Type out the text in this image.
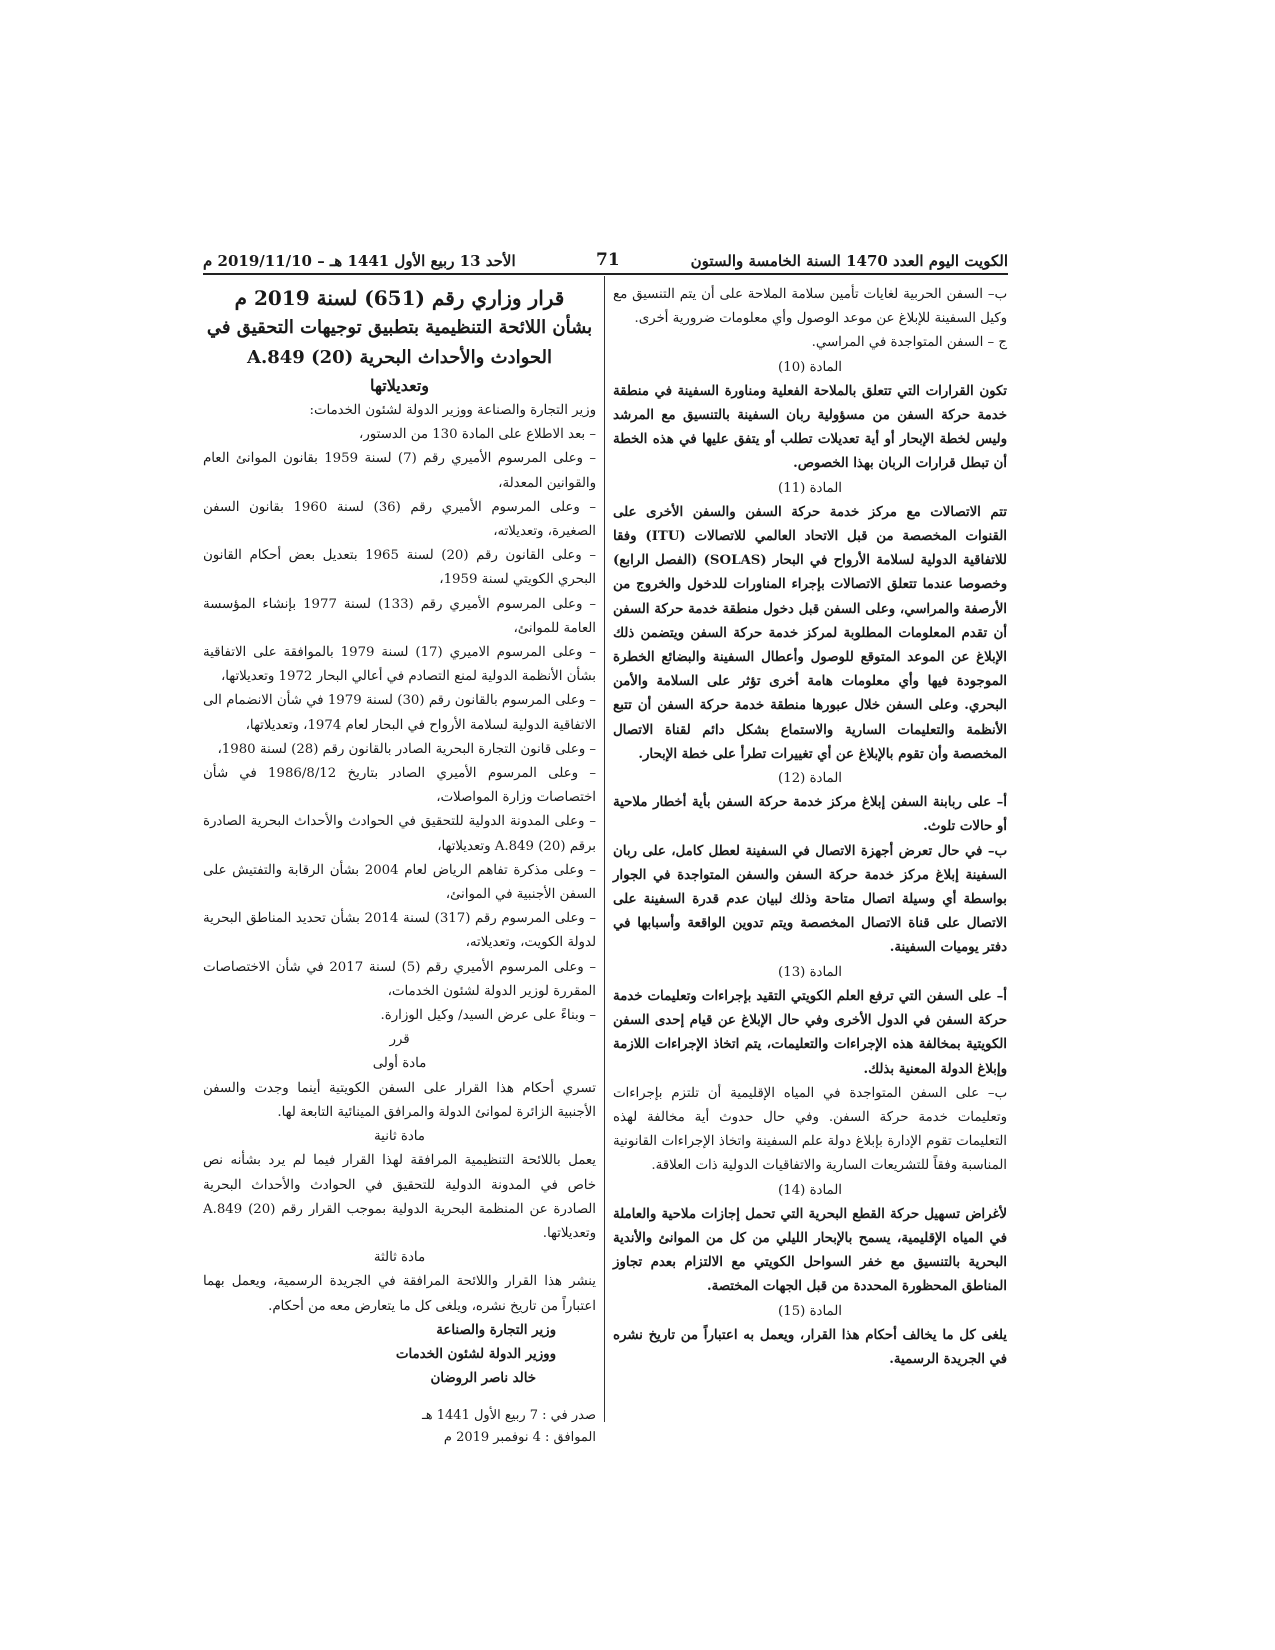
الكويت اليوم العدد 1470 السنة الخامسة والستون
71
الأحد 13 ربيع الأول 1441 هـ – 2019/11/10 م

ب– السفن الحربية لغايات تأمين سلامة الملاحة على أن يتم التنسيق مع وكيل السفينة للإبلاغ عن موعد الوصول وأي معلومات ضرورية أخرى.

ج – السفن المتواجدة في المراسي.

المادة (10)

تكون القرارات التي تتعلق بالملاحة الفعلية ومناورة السفينة في منطقة خدمة حركة السفن من مسؤولية ربان السفينة بالتنسيق مع المرشد وليس لخطة الإبحار أو أية تعديلات تطلب أو يتفق عليها في هذه الخطة أن تبطل قرارات الربان بهذا الخصوص.

المادة (11)

تتم الاتصالات مع مركز خدمة حركة السفن والسفن الأخرى على القنوات المخصصة من قبل الاتحاد العالمي للاتصالات (ITU) وفقا للاتفاقية الدولية لسلامة الأرواح في البحار (SOLAS) (الفصل الرابع) وخصوصا عندما تتعلق الاتصالات بإجراء المناورات للدخول والخروج من الأرصفة والمراسي، وعلى السفن قبل دخول منطقة خدمة حركة السفن أن تقدم المعلومات المطلوبة لمركز خدمة حركة السفن ويتضمن ذلك الإبلاغ عن الموعد المتوقع للوصول وأعطال السفينة والبضائع الخطرة الموجودة فيها وأي معلومات هامة أخرى تؤثر على السلامة والأمن البحري. وعلى السفن خلال عبورها منطقة خدمة حركة السفن أن تتبع الأنظمة والتعليمات السارية والاستماع بشكل دائم لقناة الاتصال المخصصة وأن تقوم بالإبلاغ عن أي تغييرات تطرأ على خطة الإبحار.

المادة (12)

أ– على ربابنة السفن إبلاغ مركز خدمة حركة السفن بأية أخطار ملاحية أو حالات تلوث.

ب– في حال تعرض أجهزة الاتصال في السفينة لعطل كامل، على ربان السفينة إبلاغ مركز خدمة حركة السفن والسفن المتواجدة في الجوار بواسطة أي وسيلة اتصال متاحة وذلك لبيان عدم قدرة السفينة على الاتصال على قناة الاتصال المخصصة ويتم تدوين الواقعة وأسبابها في دفتر يوميات السفينة.

المادة (13)

أ– على السفن التي ترفع العلم الكويتي التقيد بإجراءات وتعليمات خدمة حركة السفن في الدول الأخرى وفي حال الإبلاغ عن قيام إحدى السفن الكويتية بمخالفة هذه الإجراءات والتعليمات، يتم اتخاذ الإجراءات اللازمة وإبلاغ الدولة المعنية بذلك.

ب– على السفن المتواجدة في المياه الإقليمية أن تلتزم بإجراءات وتعليمات خدمة حركة السفن. وفي حال حدوث أية مخالفة لهذه التعليمات تقوم الإدارة بإبلاغ دولة علم السفينة واتخاذ الإجراءات القانونية المناسبة وفقاً للتشريعات السارية والاتفاقيات الدولية ذات العلاقة.

المادة (14)

لأغراض تسهيل حركة القطع البحرية التي تحمل إجازات ملاحية والعاملة في المياه الإقليمية، يسمح بالإبحار الليلي من كل من الموانئ والأندية البحرية بالتنسيق مع خفر السواحل الكويتي مع الالتزام بعدم تجاوز المناطق المحظورة المحددة من قبل الجهات المختصة.

المادة (15)

يلغى كل ما يخالف أحكام هذا القرار، ويعمل به اعتباراً من تاريخ نشره في الجريدة الرسمية.

قرار وزاري رقم (651) لسنة 2019 م

بشأن اللائحة التنظيمية بتطبيق توجيهات التحقيق في

الحوادث والأحداث البحرية (20) A.849

وتعديلاتها

وزير التجارة والصناعة ووزير الدولة لشئون الخدمات:

– بعد الاطلاع على المادة 130 من الدستور،

– وعلى المرسوم الأميري رقم (7) لسنة 1959 بقانون الموانئ العام والقوانين المعدلة،

– وعلى المرسوم الأميري رقم (36) لسنة 1960 بقانون السفن الصغيرة، وتعديلاته،

– وعلى القانون رقم (20) لسنة 1965 بتعديل بعض أحكام القانون البحري الكويتي لسنة 1959،

– وعلى المرسوم الأميري رقم (133) لسنة 1977 بإنشاء المؤسسة العامة للموانئ،

– وعلى المرسوم الاميري (17) لسنة 1979 بالموافقة على الاتفاقية بشأن الأنظمة الدولية لمنع التصادم في أعالي البحار 1972 وتعديلاتها،

– وعلى المرسوم بالقانون رقم (30) لسنة 1979 في شأن الانضمام الى الاتفاقية الدولية لسلامة الأرواح في البحار لعام 1974، وتعديلاتها،

– وعلى قانون التجارة البحرية الصادر بالقانون رقم (28) لسنة 1980،

– وعلى المرسوم الأميري الصادر بتاريخ 1986/8/12 في شأن اختصاصات وزارة المواصلات،

– وعلى المدونة الدولية للتحقيق في الحوادث والأحداث البحرية الصادرة برقم (20) A.849 وتعديلاتها،

– وعلى مذكرة تفاهم الرياض لعام 2004 بشأن الرقابة والتفتيش على السفن الأجنبية في الموانئ،

– وعلى المرسوم رقم (317) لسنة 2014 بشأن تحديد المناطق البحرية لدولة الكويت، وتعديلاته،

– وعلى المرسوم الأميري رقم (5) لسنة 2017 في شأن الاختصاصات المقررة لوزير الدولة لشئون الخدمات،

– وبناءً على عرض السيد/ وكيل الوزارة.

قرر

مادة أولى

تسري أحكام هذا القرار على السفن الكويتية أينما وجدت والسفن الأجنبية الزائرة لموانئ الدولة والمرافق المينائية التابعة لها.

مادة ثانية

يعمل باللائحة التنظيمية المرافقة لهذا القرار فيما لم يرد بشأنه نص خاص في المدونة الدولية للتحقيق في الحوادث والأحداث البحرية الصادرة عن المنظمة البحرية الدولية بموجب القرار رقم (20) A.849 وتعديلاتها.

مادة ثالثة

ينشر هذا القرار واللائحة المرافقة في الجريدة الرسمية، ويعمل بهما اعتباراً من تاريخ نشره، ويلغى كل ما يتعارض معه من أحكام.

وزير التجارة والصناعة

ووزير الدولة لشئون الخدمات

خالد ناصر الروضان

صدر في : 7 ربيع الأول 1441 هـ

الموافق : 4 نوفمبر 2019 م
